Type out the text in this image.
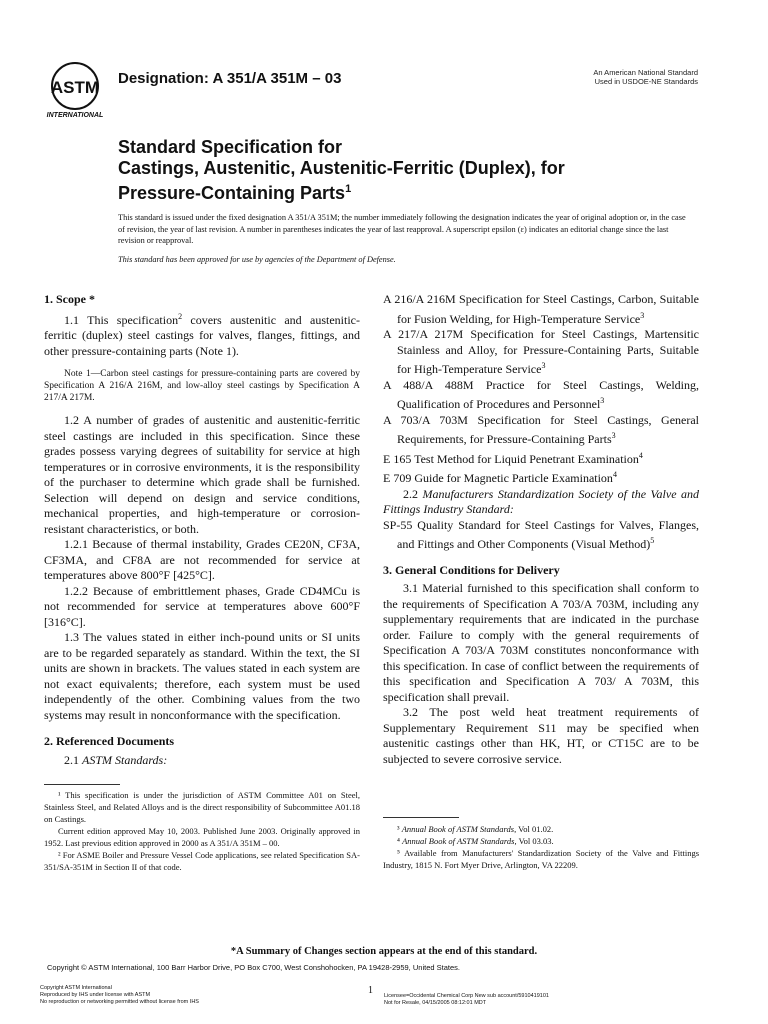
ASTM
INTERNATIONAL
Designation: A 351/A 351M – 03	An American National Standard
Used in USDOE-NE Standards
Standard Specification for
Castings, Austenitic, Austenitic-Ferritic (Duplex), for
Pressure-Containing Parts$^1$
This standard is issued under the fixed designation A 351/A 351M; the number immediately following the designation indicates the year of original adoption or, in the case of revision, the year of last revision. A number in parentheses indicates the year of last reapproval. A superscript epsilon (ε) indicates an editorial change since the last revision or reapproval.
This standard has been approved for use by agencies of the Department of Defense.
1. Scope *

1.1 This specification$^2$ covers austenitic and austenitic-ferritic (duplex) steel castings for valves, flanges, fittings, and other pressure-containing parts (Note 1).

Note 1—Carbon steel castings for pressure-containing parts are covered by Specification A 216/A 216M, and low-alloy steel castings by Specification A 217/A 217M.

1.2 A number of grades of austenitic and austenitic-ferritic steel castings are included in this specification. Since these grades possess varying degrees of suitability for service at high temperatures or in corrosive environments, it is the responsibility of the purchaser to determine which grade shall be furnished. Selection will depend on design and service conditions, mechanical properties, and high-temperature or corrosion-resistant characteristics, or both.

1.2.1 Because of thermal instability, Grades CE20N, CF3A, CF3MA, and CF8A are not recommended for service at temperatures above 800°F [425°C].

1.2.2 Because of embrittlement phases, Grade CD4MCu is not recommended for service at temperatures above 600°F [316°C].

1.3 The values stated in either inch-pound units or SI units are to be regarded separately as standard. Within the text, the SI units are shown in brackets. The values stated in each system are not exact equivalents; therefore, each system must be used independently of the other. Combining values from the two systems may result in nonconformance with the specification.

2. Referenced Documents

2.1 ASTM Standards:

¹ This specification is under the jurisdiction of ASTM Committee A01 on Steel, Stainless Steel, and Related Alloys and is the direct responsibility of Subcommittee A01.18 on Castings.

Current edition approved May 10, 2003. Published June 2003. Originally approved in 1952. Last previous edition approved in 2000 as A 351/A 351M – 00.

² For ASME Boiler and Pressure Vessel Code applications, see related Specification SA-351/SA-351M in Section II of that code.

A 216/A 216M Specification for Steel Castings, Carbon, Suitable for Fusion Welding, for High-Temperature Service$^3$

A 217/A 217M Specification for Steel Castings, Martensitic Stainless and Alloy, for Pressure-Containing Parts, Suitable for High-Temperature Service$^3$

A 488/A 488M Practice for Steel Castings, Welding, Qualification of Procedures and Personnel$^3$

A 703/A 703M Specification for Steel Castings, General Requirements, for Pressure-Containing Parts$^3$

E 165 Test Method for Liquid Penetrant Examination$^4$

E 709 Guide for Magnetic Particle Examination$^4$

2.2 Manufacturers Standardization Society of the Valve and Fittings Industry Standard:

SP-55 Quality Standard for Steel Castings for Valves, Flanges, and Fittings and Other Components (Visual Method)$^5$

3. General Conditions for Delivery

3.1 Material furnished to this specification shall conform to the requirements of Specification A 703/A 703M, including any supplementary requirements that are indicated in the purchase order. Failure to comply with the general requirements of Specification A 703/A 703M constitutes nonconformance with this specification. In case of conflict between the requirements of this specification and Specification A 703/ A 703M, this specification shall prevail.

3.2 The post weld heat treatment requirements of Supplementary Requirement S11 may be specified when austenitic castings other than HK, HT, or CT15C are to be subjected to severe corrosive service.

³ Annual Book of ASTM Standards, Vol 01.02.

⁴ Annual Book of ASTM Standards, Vol 03.03.

⁵ Available from Manufacturers' Standardization Society of the Valve and Fittings Industry, 1815 N. Fort Myer Drive, Arlington, VA 22209.

*A Summary of Changes section appears at the end of this standard.
Copyright © ASTM International, 100 Barr Harbor Drive, PO Box C700, West Conshohocken, PA 19428-2959, United States.
Copyright ASTM International
Reproduced by IHS under license with ASTM
No reproduction or networking permitted without license from IHS
1 Licensee=Occidental Chemical Corp New sub account/5910419101
Not for Resale, 04/15/2005 08:12:01 MDT
